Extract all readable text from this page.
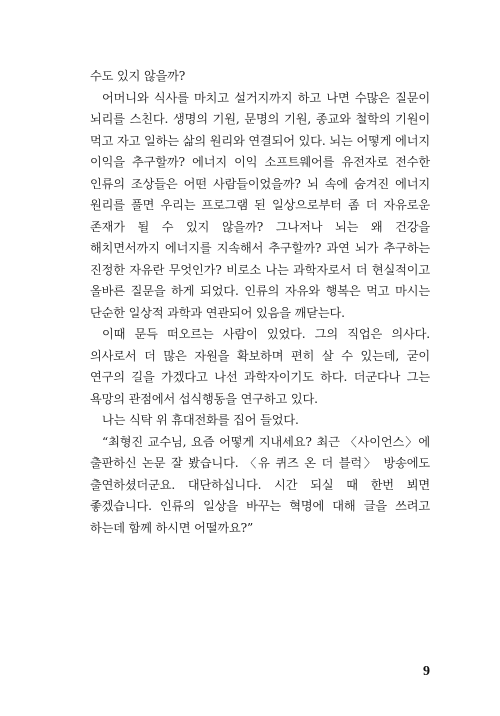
수도 있지 않을까?

어머니와 식사를 마치고 설거지까지 하고 나면 수많은 질문이 뇌리를 스친다. 생명의 기원, 문명의 기원, 종교와 철학의 기원이 먹고 자고 일하는 삶의 원리와 연결되어 있다. 뇌는 어떻게 에너지 이익을 추구할까? 에너지 이익 소프트웨어를 유전자로 전수한 인류의 조상들은 어떤 사람들이었을까? 뇌 속에 숨겨진 에너지 원리를 풀면 우리는 프로그램 된 일상으로부터 좀 더 자유로운 존재가 될 수 있지 않을까? 그나저나 뇌는 왜 건강을 해치면서까지 에너지를 지속해서 추구할까? 과연 뇌가 추구하는 진정한 자유란 무엇인가? 비로소 나는 과학자로서 더 현실적이고 올바른 질문을 하게 되었다. 인류의 자유와 행복은 먹고 마시는 단순한 일상적 과학과 연관되어 있음을 깨닫는다.

이때 문득 떠오르는 사람이 있었다. 그의 직업은 의사다. 의사로서 더 많은 자원을 확보하며 편히 살 수 있는데, 굳이 연구의 길을 가겠다고 나선 과학자이기도 하다. 더군다나 그는 욕망의 관점에서 섭식행동을 연구하고 있다.

나는 식탁 위 휴대전화를 집어 들었다.

“최형진 교수님, 요즘 어떻게 지내세요? 최근 〈사이언스〉에 출판하신 논문 잘 봤습니다. 〈유 퀴즈 온 더 블럭〉 방송에도 출연하셨더군요. 대단하십니다. 시간 되실 때 한번 뵈면 좋겠습니다. 인류의 일상을 바꾸는 혁명에 대해 글을 쓰려고 하는데 함께 하시면 어떨까요?”

9
